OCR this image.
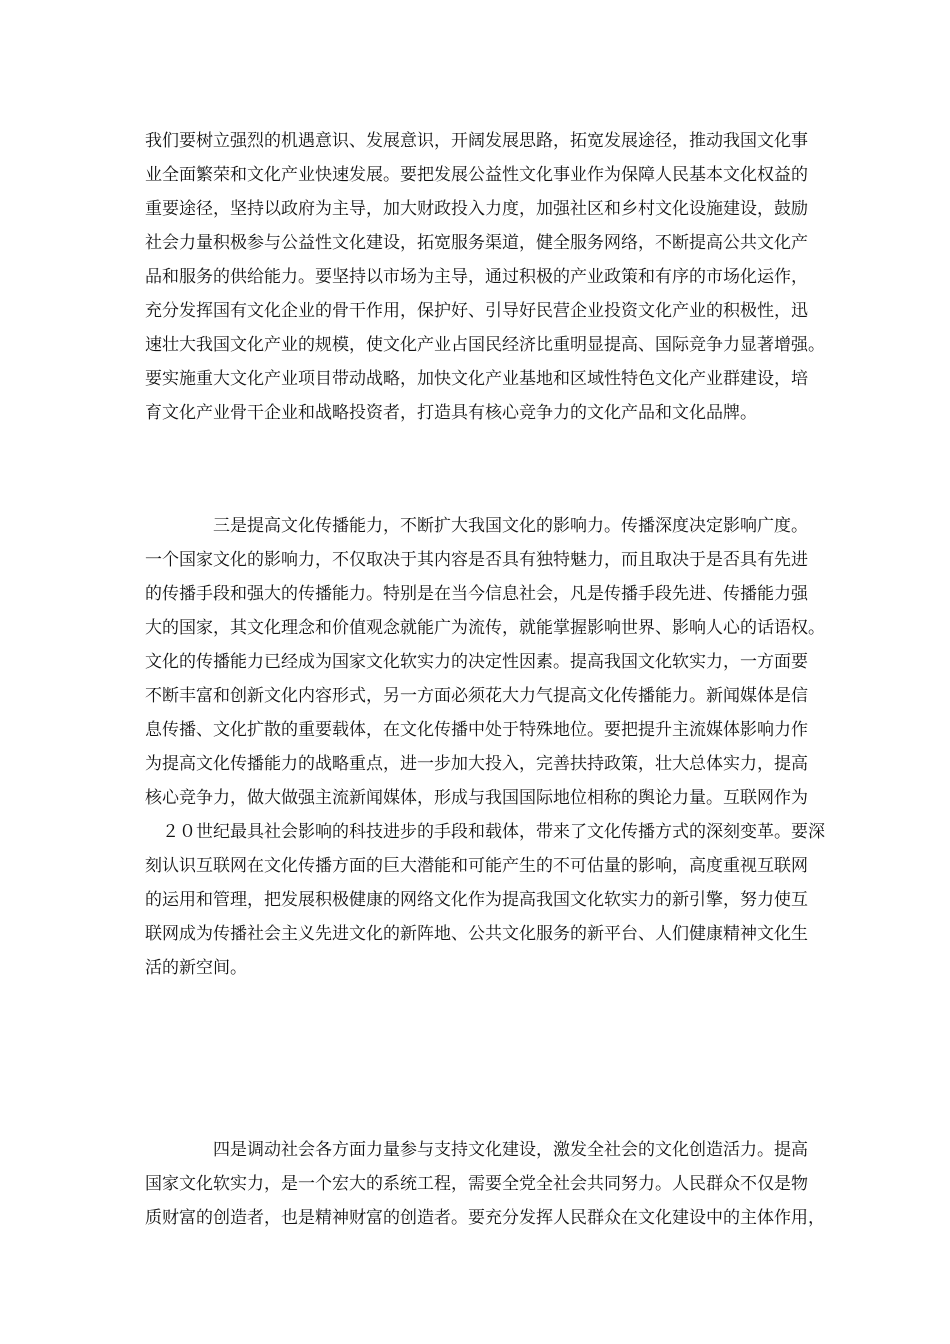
我们要树立强烈的机遇意识、发展意识，开阔发展思路，拓宽发展途径，推动我国文化事
业全面繁荣和文化产业快速发展。要把发展公益性文化事业作为保障人民基本文化权益的
重要途径，坚持以政府为主导，加大财政投入力度，加强社区和乡村文化设施建设，鼓励
社会力量积极参与公益性文化建设，拓宽服务渠道，健全服务网络，不断提高公共文化产
品和服务的供给能力。要坚持以市场为主导，通过积极的产业政策和有序的市场化运作，
充分发挥国有文化企业的骨干作用，保护好、引导好民营企业投资文化产业的积极性，迅
速壮大我国文化产业的规模，使文化产业占国民经济比重明显提高、国际竞争力显著增强。
要实施重大文化产业项目带动战略，加快文化产业基地和区域性特色文化产业群建设，培
育文化产业骨干企业和战略投资者，打造具有核心竞争力的文化产品和文化品牌。
　　　　三是提高文化传播能力，不断扩大我国文化的影响力。传播深度决定影响广度。
一个国家文化的影响力，不仅取决于其内容是否具有独特魅力，而且取决于是否具有先进
的传播手段和强大的传播能力。特别是在当今信息社会，凡是传播手段先进、传播能力强
大的国家，其文化理念和价值观念就能广为流传，就能掌握影响世界、影响人心的话语权。
文化的传播能力已经成为国家文化软实力的决定性因素。提高我国文化软实力，一方面要
不断丰富和创新文化内容形式，另一方面必须花大力气提高文化传播能力。新闻媒体是信
息传播、文化扩散的重要载体，在文化传播中处于特殊地位。要把提升主流媒体影响力作
为提高文化传播能力的战略重点，进一步加大投入，完善扶持政策，壮大总体实力，提高
核心竞争力，做大做强主流新闻媒体，形成与我国国际地位相称的舆论力量。互联网作为
　２０世纪最具社会影响的科技进步的手段和载体，带来了文化传播方式的深刻变革。要深
刻认识互联网在文化传播方面的巨大潜能和可能产生的不可估量的影响，高度重视互联网
的运用和管理，把发展积极健康的网络文化作为提高我国文化软实力的新引擎，努力使互
联网成为传播社会主义先进文化的新阵地、公共文化服务的新平台、人们健康精神文化生
活的新空间。
　　　　四是调动社会各方面力量参与支持文化建设，激发全社会的文化创造活力。提高
国家文化软实力，是一个宏大的系统工程，需要全党全社会共同努力。人民群众不仅是物
质财富的创造者，也是精神财富的创造者。要充分发挥人民群众在文化建设中的主体作用，
